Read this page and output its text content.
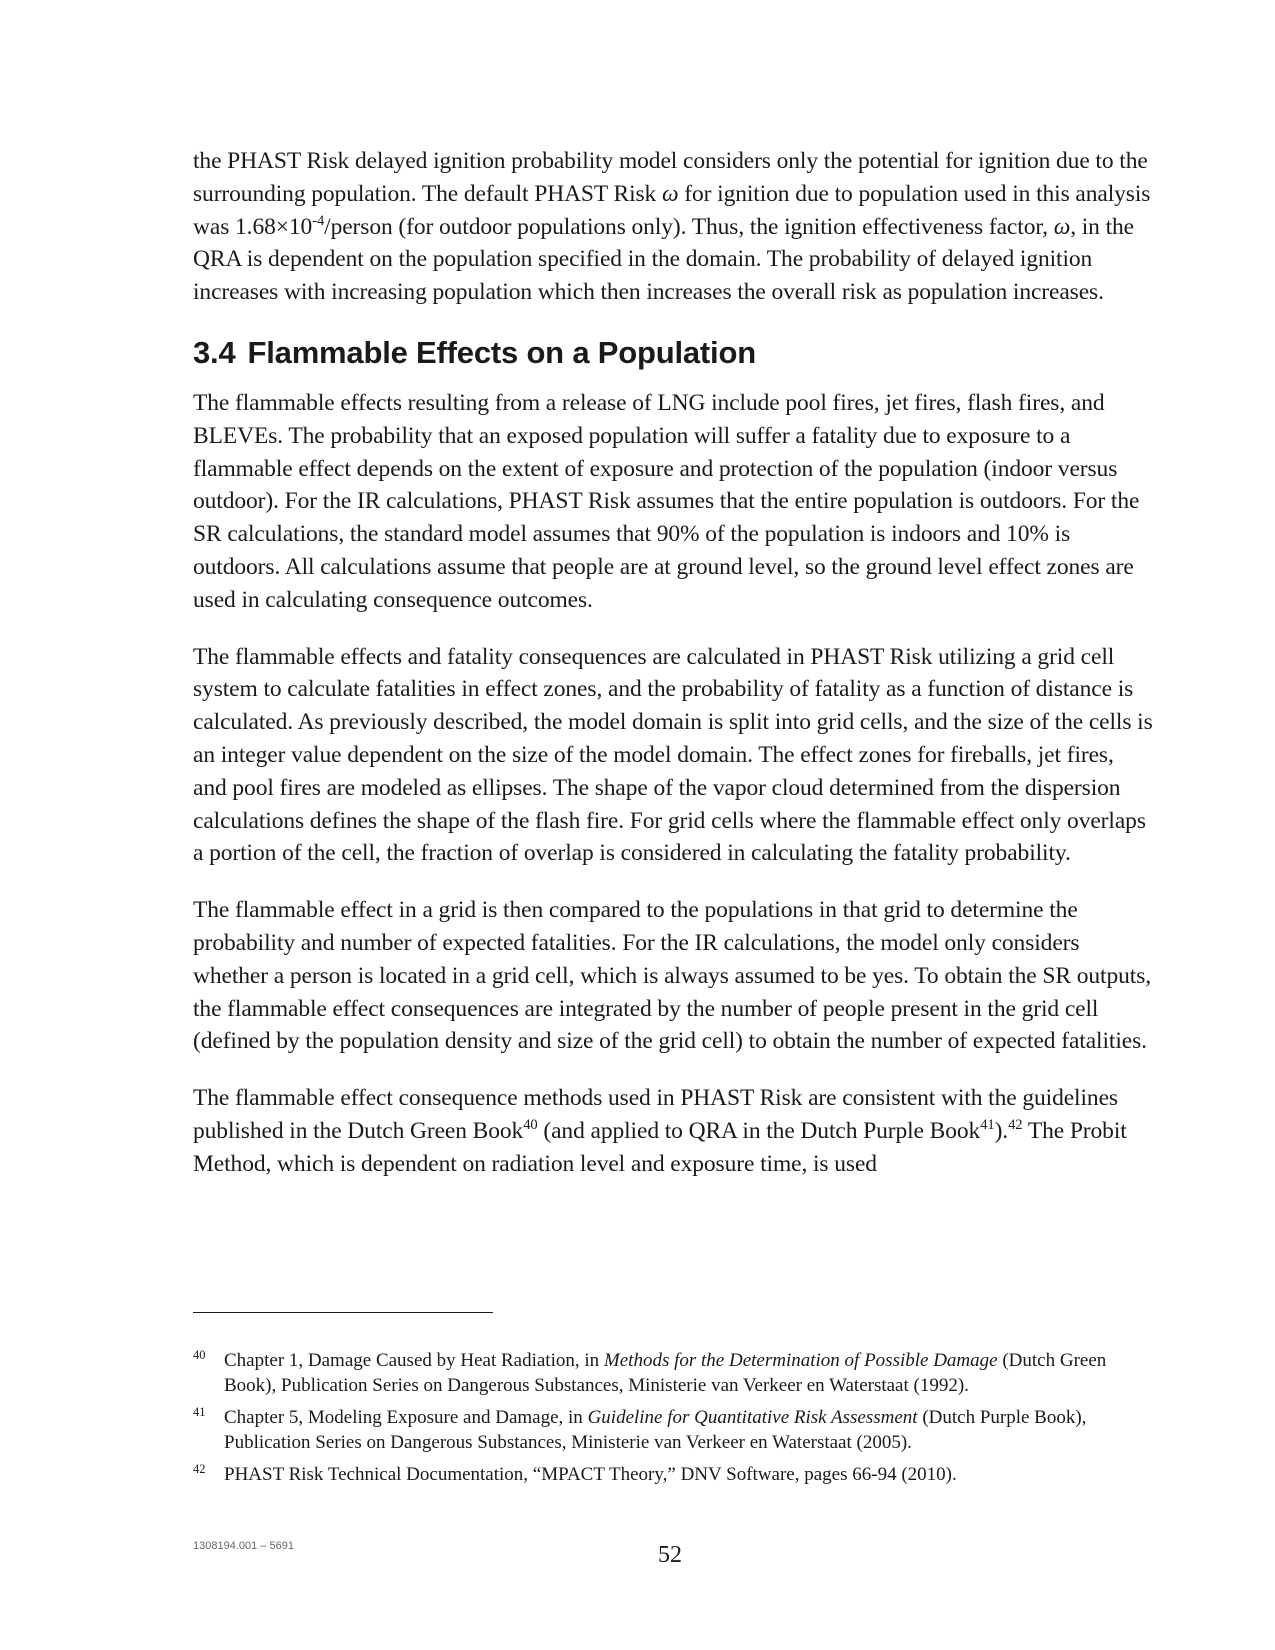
the PHAST Risk delayed ignition probability model considers only the potential for ignition due to the surrounding population. The default PHAST Risk ω for ignition due to population used in this analysis was $1.68\times 10^{-4}$/person (for outdoor populations only). Thus, the ignition effectiveness factor, ω, in the QRA is dependent on the population specified in the domain. The probability of delayed ignition increases with increasing population which then increases the overall risk as population increases.

3.4 Flammable Effects on a Population

The flammable effects resulting from a release of LNG include pool fires, jet fires, flash fires, and BLEVEs. The probability that an exposed population will suffer a fatality due to exposure to a flammable effect depends on the extent of exposure and protection of the population (indoor versus outdoor). For the IR calculations, PHAST Risk assumes that the entire population is outdoors. For the SR calculations, the standard model assumes that 90% of the population is indoors and 10% is outdoors. All calculations assume that people are at ground level, so the ground level effect zones are used in calculating consequence outcomes.

The flammable effects and fatality consequences are calculated in PHAST Risk utilizing a grid cell system to calculate fatalities in effect zones, and the probability of fatality as a function of distance is calculated. As previously described, the model domain is split into grid cells, and the size of the cells is an integer value dependent on the size of the model domain. The effect zones for fireballs, jet fires, and pool fires are modeled as ellipses. The shape of the vapor cloud determined from the dispersion calculations defines the shape of the flash fire. For grid cells where the flammable effect only overlaps a portion of the cell, the fraction of overlap is considered in calculating the fatality probability.

The flammable effect in a grid is then compared to the populations in that grid to determine the probability and number of expected fatalities. For the IR calculations, the model only considers whether a person is located in a grid cell, which is always assumed to be yes. To obtain the SR outputs, the flammable effect consequences are integrated by the number of people present in the grid cell (defined by the population density and size of the grid cell) to obtain the number of expected fatalities.

The flammable effect consequence methods used in PHAST Risk are consistent with the guidelines published in the Dutch Green Book$^{40}$ (and applied to QRA in the Dutch Purple Book$^{41}$).$^{42}$ The Probit Method, which is dependent on radiation level and exposure time, is used

40 Chapter 1, Damage Caused by Heat Radiation, in Methods for the Determination of Possible Damage (Dutch Green Book), Publication Series on Dangerous Substances, Ministerie van Verkeer en Waterstaat (1992).

41 Chapter 5, Modeling Exposure and Damage, in Guideline for Quantitative Risk Assessment (Dutch Purple Book), Publication Series on Dangerous Substances, Ministerie van Verkeer en Waterstaat (2005).

42 PHAST Risk Technical Documentation, “MPACT Theory,” DNV Software, pages 66-94 (2010).

1308194.001 – 5691	52
